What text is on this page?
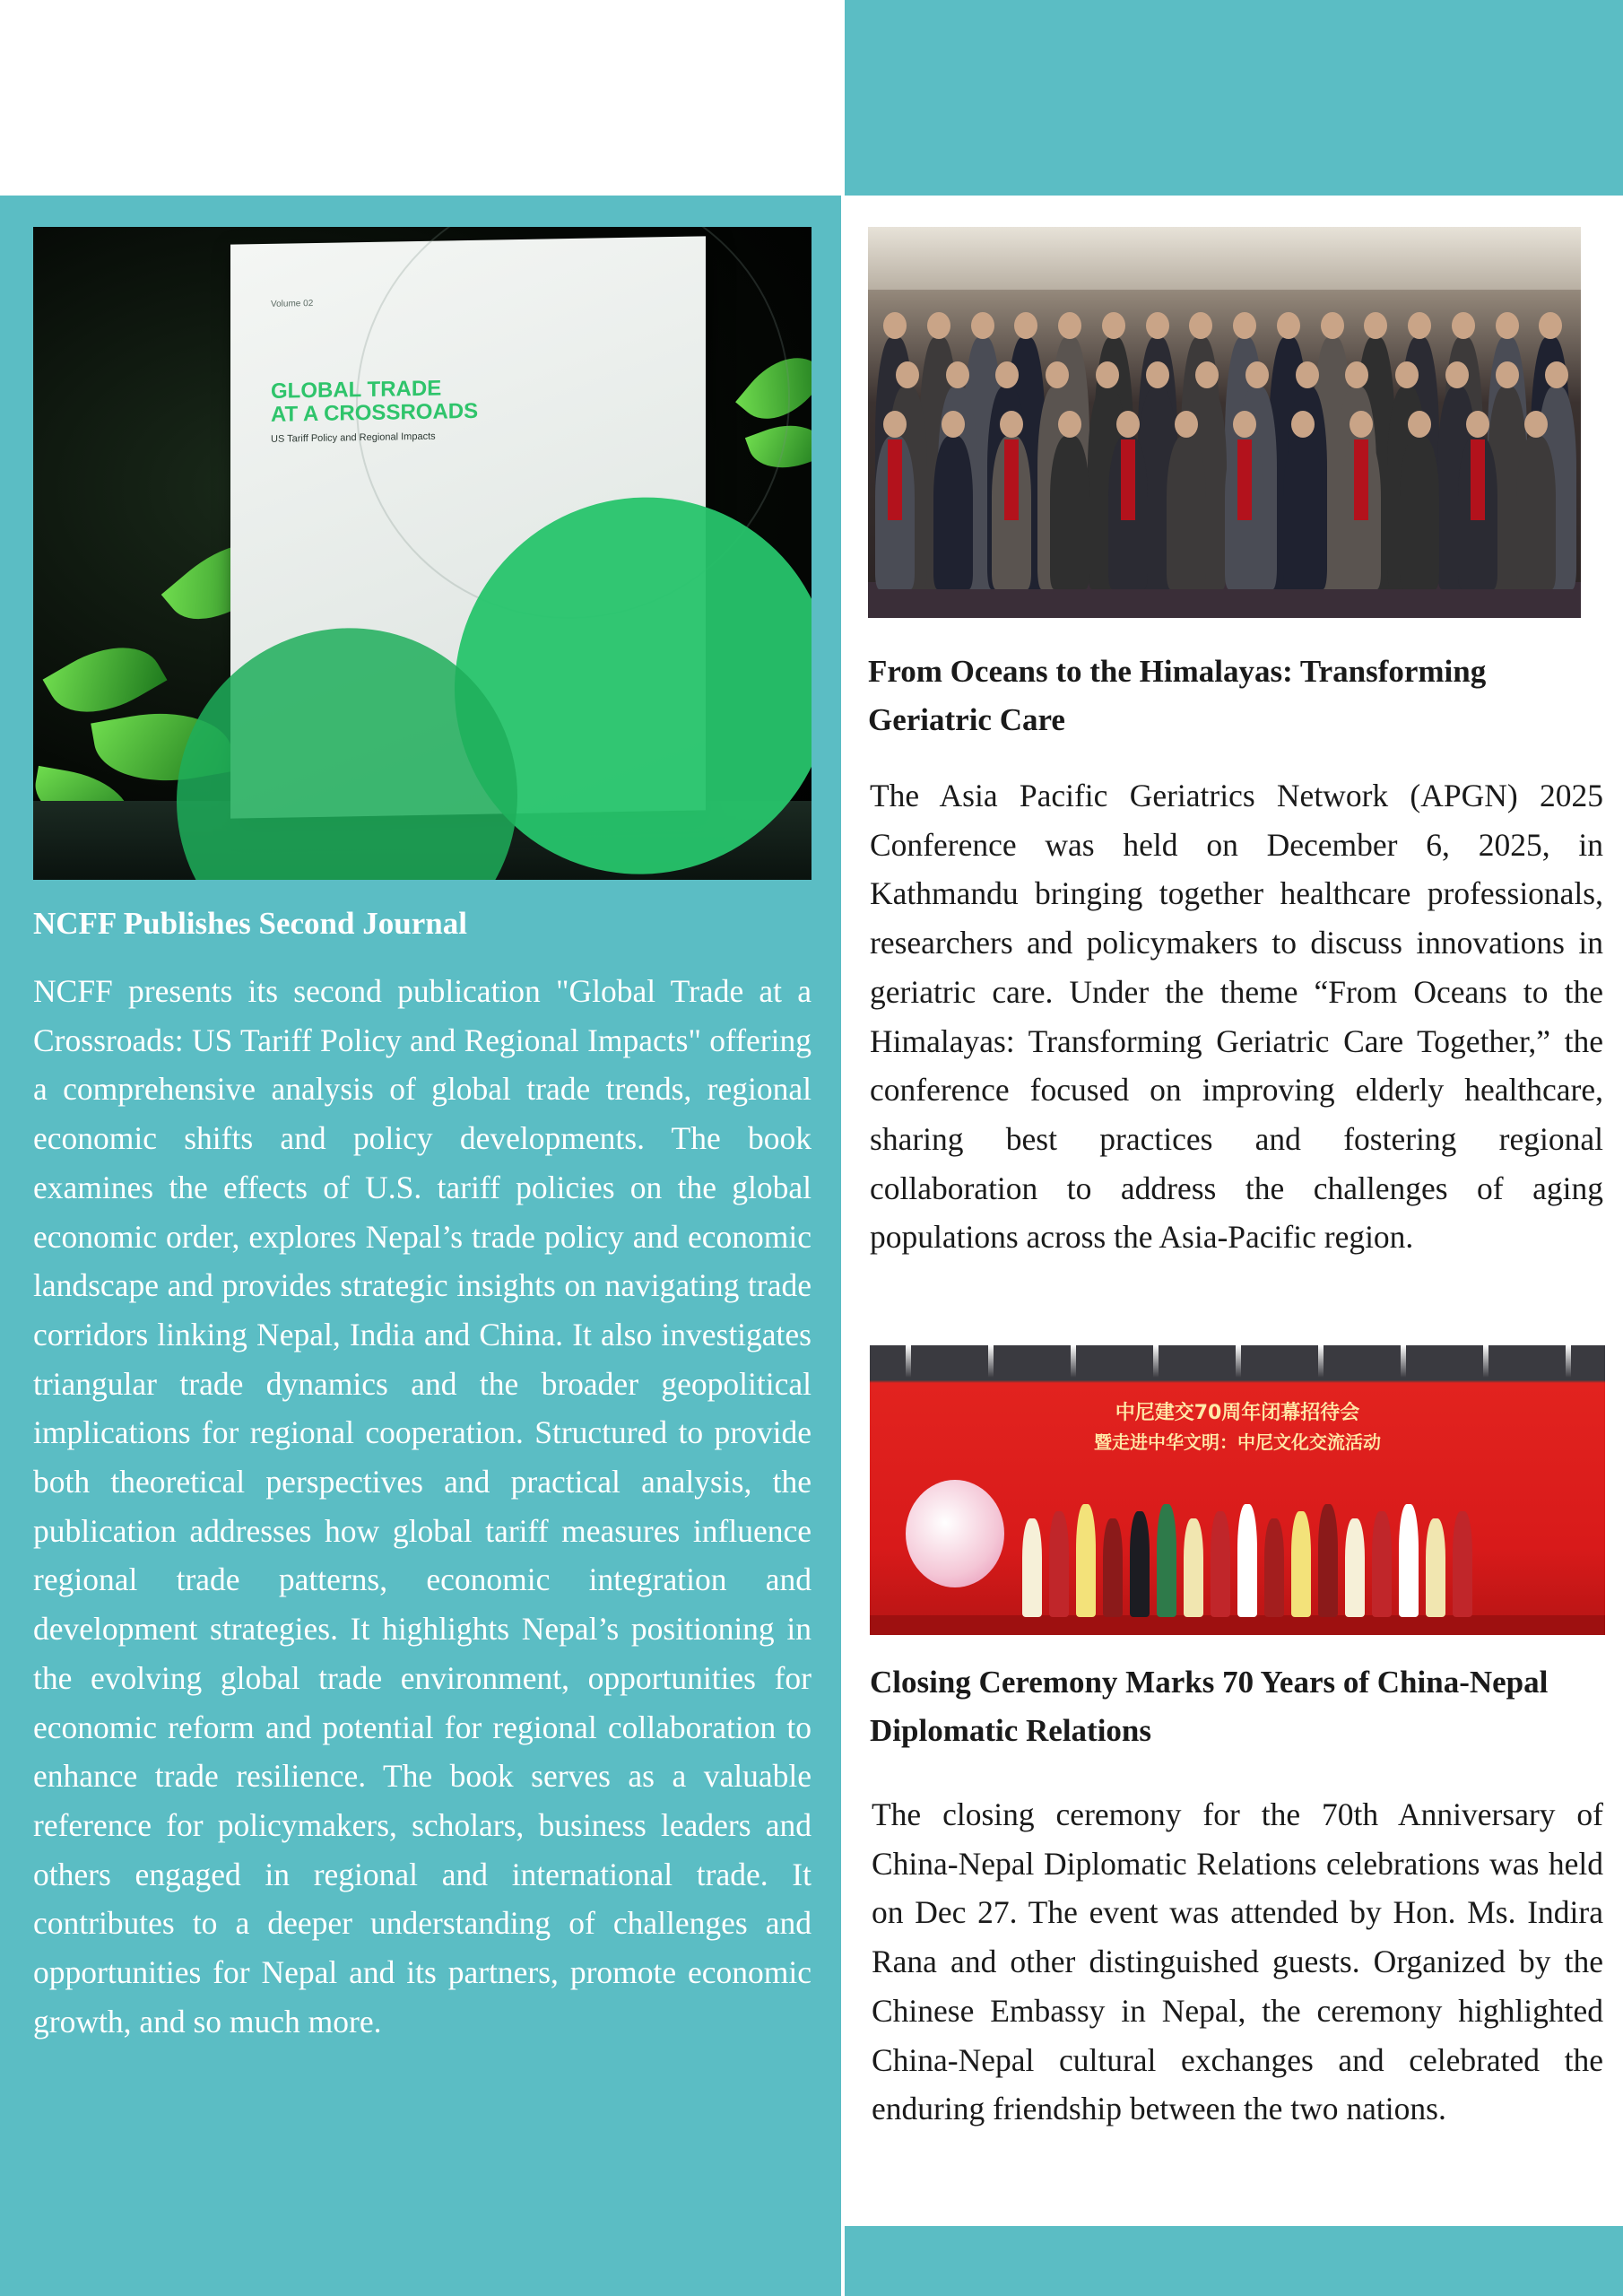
Volume 02
GLOBAL TRADE
AT A CROSSROADS
US Tariff Policy and Regional Impacts
NCFF Publishes Second Journal

NCFF presents its second publication "Global Trade at a Crossroads: US Tariff Policy and Regional Impacts" offering a comprehensive analysis of global trade trends, regional economic shifts and policy developments. The book examines the effects of U.S. tariff policies on the global economic order, explores Nepal’s trade policy and economic landscape and provides strategic insights on navigating trade corridors linking Nepal, India and China. It also investigates triangular trade dynamics and the broader geopolitical implications for regional cooperation. Structured to provide both theoretical perspectives and practical analysis, the publication addresses how global tariff measures influence regional trade patterns, economic integration and development strategies. It highlights Nepal’s positioning in the evolving global trade environment, opportunities for economic reform and potential for regional collaboration to enhance trade resilience. The book serves as a valuable reference for policymakers, scholars, business leaders and others engaged in regional and international trade. It contributes to a deeper understanding of challenges and opportunities for Nepal and its partners, promote economic growth, and so much more.

From Oceans to the Himalayas: Transforming Geriatric Care

The Asia Pacific Geriatrics Network (APGN) 2025 Conference was held on December 6, 2025, in Kathmandu bringing together healthcare professionals, researchers and policymakers to discuss innovations in geriatric care. Under the theme “From Oceans to the Himalayas: Transforming Geriatric Care Together,” the conference focused on improving elderly healthcare, sharing best practices and fostering regional collaboration to address the challenges of aging populations across the Asia-Pacific region.

中尼建交70周年闭幕招待会
暨走进中华文明：中尼文化交流活动
Closing Ceremony Marks 70 Years of China-Nepal Diplomatic Relations

The closing ceremony for the 70th Anniversary of China-Nepal Diplomatic Relations celebrations was held on Dec 27. The event was attended by Hon. Ms. Indira Rana and other distinguished guests. Organized by the Chinese Embassy in Nepal, the ceremony highlighted China-Nepal cultural exchanges and celebrated the enduring friendship between the two nations.
